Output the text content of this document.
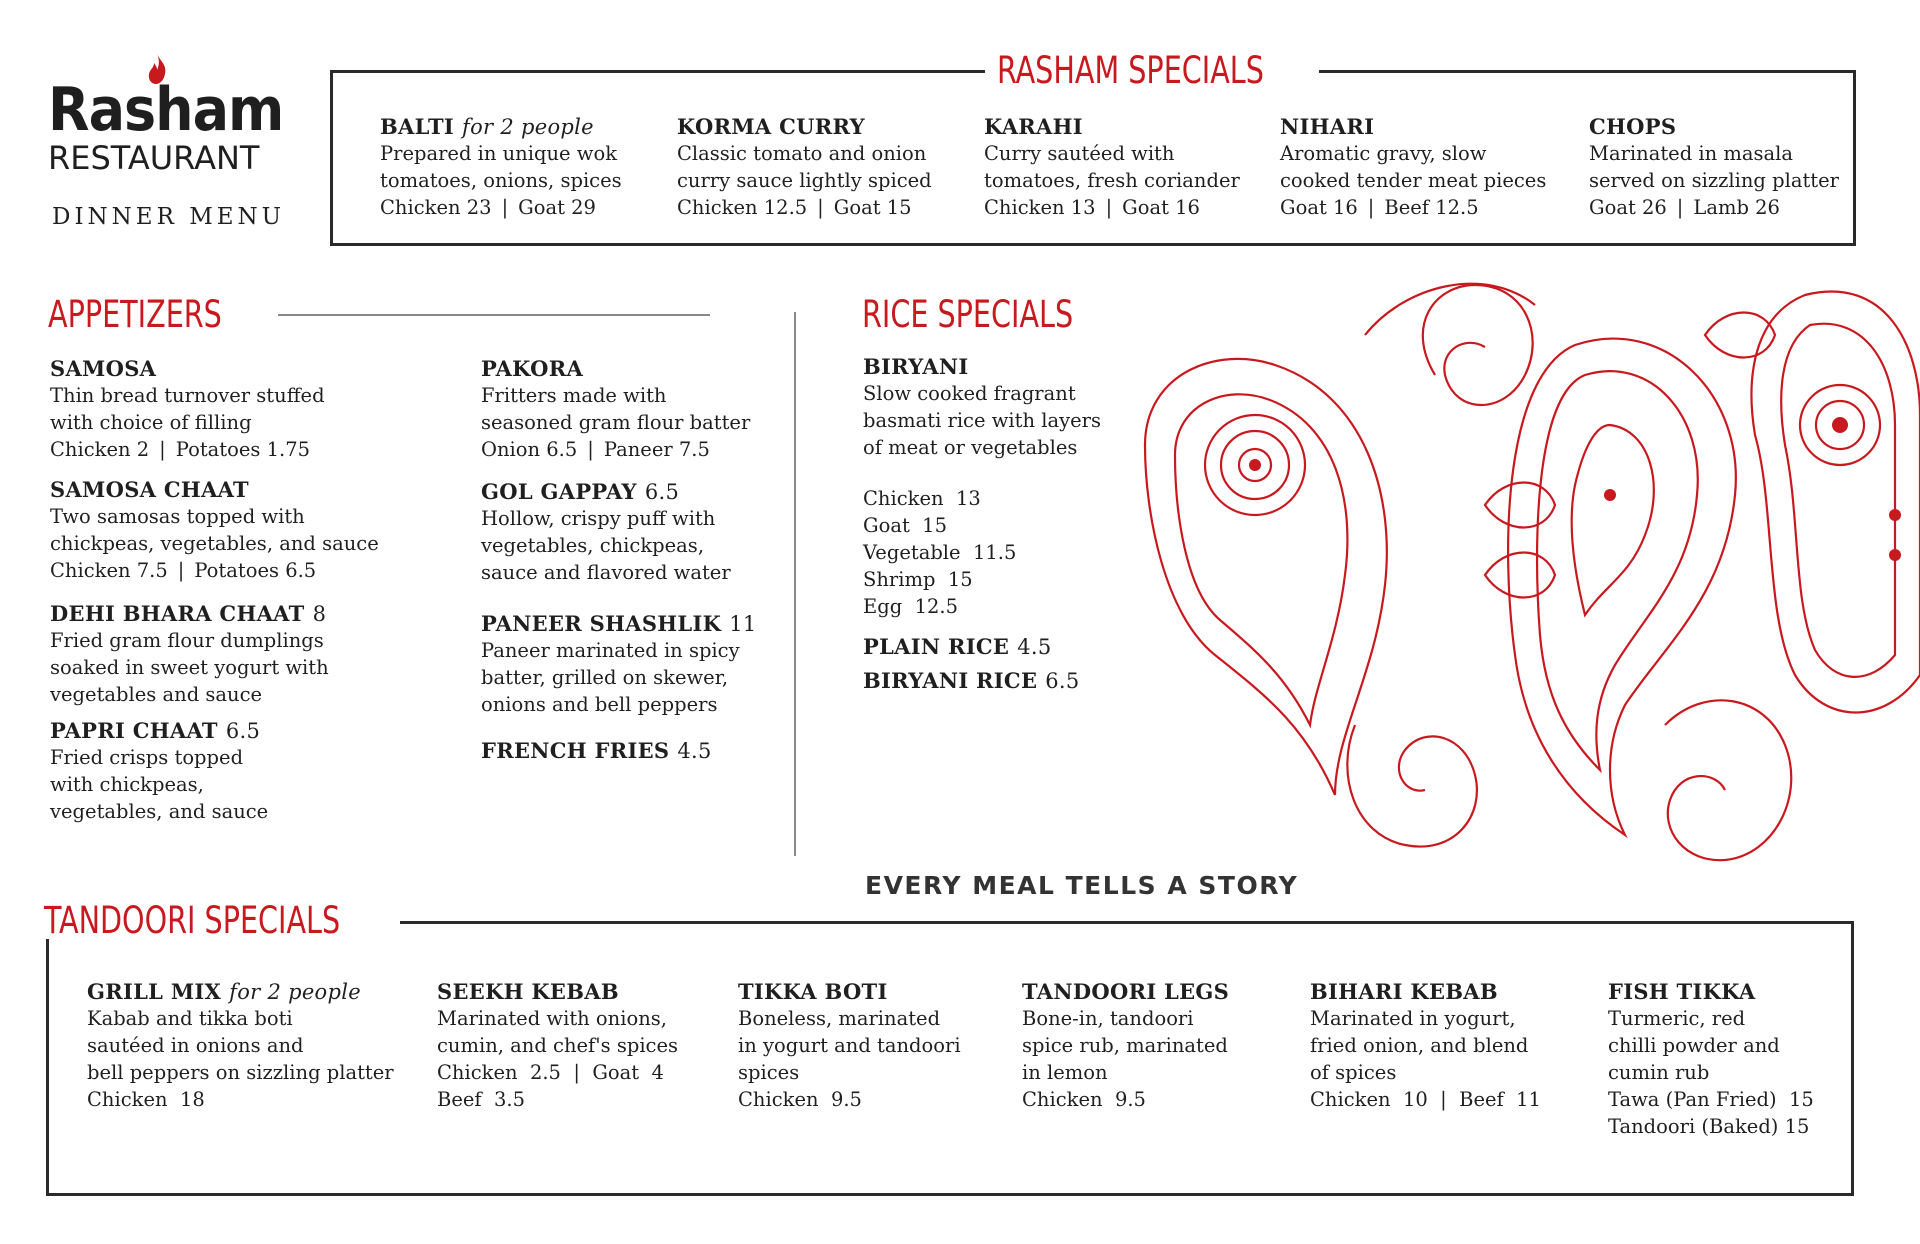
Rasham
RESTAURANT
DINNER MENU
RASHAM SPECIALS
BALTI for 2 people
Prepared in unique wok
tomatoes, onions, spices
Chicken 23 | Goat 29
KORMA CURRY
Classic tomato and onion
curry sauce lightly spiced
Chicken 12.5 | Goat 15
KARAHI
Curry sautéed with
tomatoes, fresh coriander
Chicken 13 | Goat 16
NIHARI
Aromatic gravy, slow
cooked tender meat pieces
Goat 16 | Beef 12.5
CHOPS
Marinated in masala
served on sizzling platter
Goat 26 | Lamb 26
APPETIZERS
SAMOSA
Thin bread turnover stuffed
with choice of filling
Chicken 2 | Potatoes 1.75
SAMOSA CHAAT
Two samosas topped with
chickpeas, vegetables, and sauce
Chicken 7.5 | Potatoes 6.5
DEHI BHARA CHAAT 8
Fried gram flour dumplings
soaked in sweet yogurt with
vegetables and sauce
PAPRI CHAAT 6.5
Fried crisps topped
with chickpeas,
vegetables, and sauce
PAKORA
Fritters made with
seasoned gram flour batter
Onion 6.5 | Paneer 7.5
GOL GAPPAY 6.5
Hollow, crispy puff with
vegetables, chickpeas,
sauce and flavored water
PANEER SHASHLIK 11
Paneer marinated in spicy
batter, grilled on skewer,
onions and bell peppers
FRENCH FRIES 4.5
RICE SPECIALS
BIRYANI
Slow cooked fragrant
basmati rice with layers
of meat or vegetables
Chicken  13
Goat  15
Vegetable  11.5
Shrimp  15
Egg  12.5
PLAIN RICE 4.5
BIRYANI RICE 6.5
EVERY MEAL TELLS A STORY
TANDOORI SPECIALS
GRILL MIX for 2 people
Kabab and tikka boti
sautéed in onions and
bell peppers on sizzling platter
Chicken  18
SEEKH KEBAB
Marinated with onions,
cumin, and chef's spices
Chicken  2.5  |  Goat  4
Beef  3.5
TIKKA BOTI
Boneless, marinated
in yogurt and tandoori
spices
Chicken  9.5
TANDOORI LEGS
Bone-in, tandoori
spice rub, marinated
in lemon
Chicken  9.5
BIHARI KEBAB
Marinated in yogurt,
fried onion, and blend
of spices
Chicken  10  |  Beef  11
FISH TIKKA
Turmeric, red
chilli powder and
cumin rub
Tawa (Pan Fried)  15
Tandoori (Baked) 15
